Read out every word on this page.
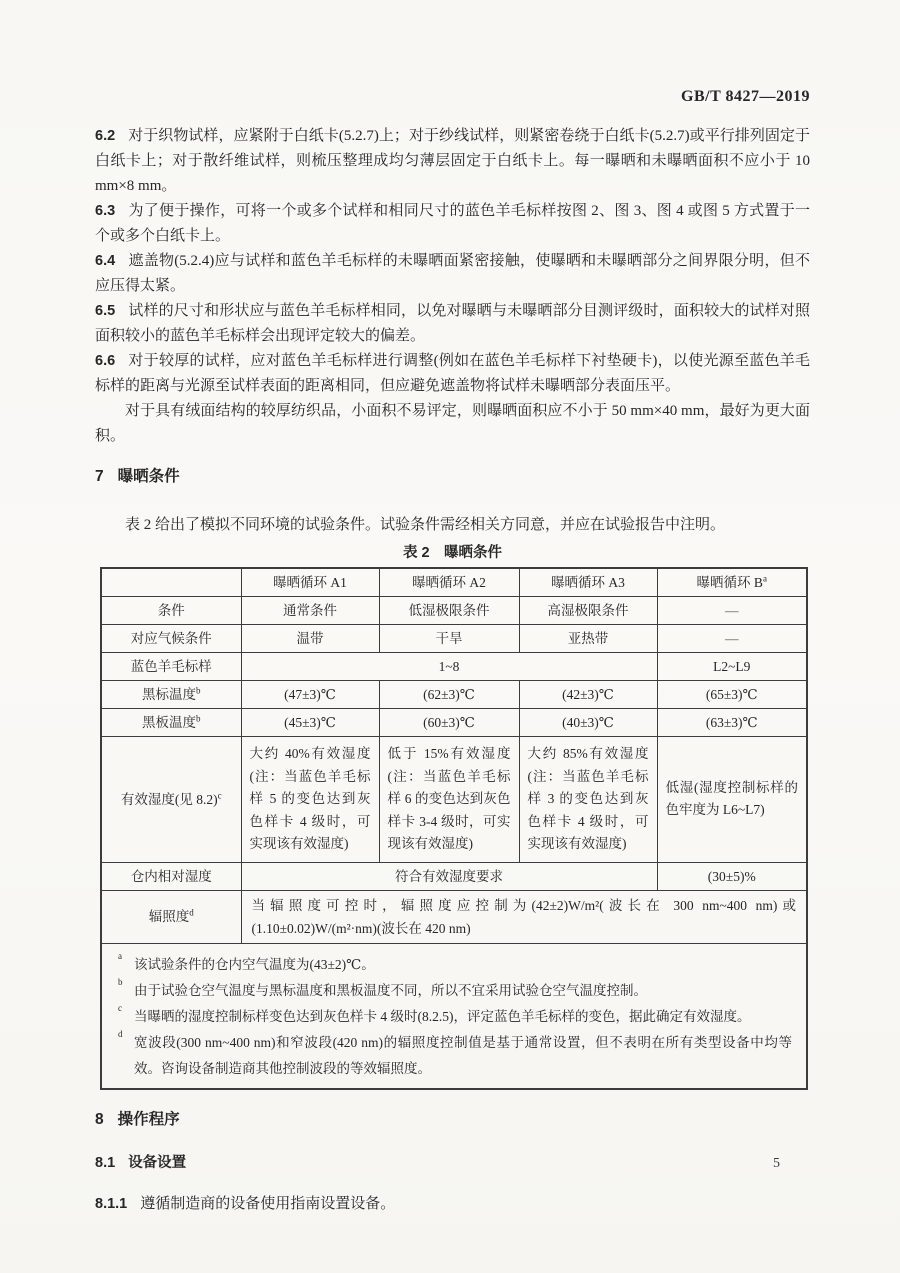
GB/T 8427—2019

6.2 对于织物试样，应紧附于白纸卡(5.2.7)上；对于纱线试样，则紧密卷绕于白纸卡(5.2.7)或平行排列固定于白纸卡上；对于散纤维试样，则梳压整理成均匀薄层固定于白纸卡上。每一曝晒和未曝晒面积不应小于 10 mm×8 mm。

6.3 为了便于操作，可将一个或多个试样和相同尺寸的蓝色羊毛标样按图 2、图 3、图 4 或图 5 方式置于一个或多个白纸卡上。

6.4 遮盖物(5.2.4)应与试样和蓝色羊毛标样的未曝晒面紧密接触，使曝晒和未曝晒部分之间界限分明，但不应压得太紧。

6.5 试样的尺寸和形状应与蓝色羊毛标样相同，以免对曝晒与未曝晒部分目测评级时，面积较大的试样对照面积较小的蓝色羊毛标样会出现评定较大的偏差。

6.6 对于较厚的试样，应对蓝色羊毛标样进行调整(例如在蓝色羊毛标样下衬垫硬卡)，以使光源至蓝色羊毛标样的距离与光源至试样表面的距离相同，但应避免遮盖物将试样未曝晒部分表面压平。

对于具有绒面结构的较厚纺织品，小面积不易评定，则曝晒面积应不小于 50 mm×40 mm，最好为更大面积。

7 曝晒条件

表 2 给出了模拟不同环境的试验条件。试验条件需经相关方同意，并应在试验报告中注明。

表 2　曝晒条件
	曝晒循环 A1	曝晒循环 A2	曝晒循环 A3	曝晒循环 $B^a$
条件	通常条件	低湿极限条件	高湿极限条件	—
对应气候条件	温带	干旱	亚热带	—
蓝色羊毛标样	1~8			L2~L9
黑标温度$^b$	(47±3)℃	(62±3)℃	(42±3)℃	(65±3)℃
黑板温度$^b$	(45±3)℃	(60±3)℃	(40±3)℃	(63±3)℃
有效湿度(见 8.2)$^c$	大约 40%有效湿度(注：当蓝色羊毛标样 5 的变色达到灰色样卡 4 级时，可实现该有效湿度)	低于 15%有效湿度(注：当蓝色羊毛标样 6 的变色达到灰色样卡 3-4 级时，可实现该有效湿度)	大约 85%有效湿度(注：当蓝色羊毛标样 3 的变色达到灰色样卡 4 级时，可实现该有效湿度)	低湿(湿度控制标样的色牢度为 L6~L7)
仓内相对湿度	符合有效湿度要求			(30±5)%
辐照度$^d$	当辐照度可控时，辐照度应控制为(42±2)W/m²(波长在 300 nm~400 nm)或(1.10±0.02)W/(m²·nm)(波长在 420 nm)			

a
该试验条件的仓内空气温度为(43±2)℃。
b
由于试验仓空气温度与黑标温度和黑板温度不同，所以不宜采用试验仓空气温度控制。
c
当曝晒的湿度控制标样变色达到灰色样卡 4 级时(8.2.5)，评定蓝色羊毛标样的变色，据此确定有效湿度。
d
宽波段(300 nm~400 nm)和窄波段(420 nm)的辐照度控制值是基于通常设置，但不表明在所有类型设备中均等效。咨询设备制造商其他控制波段的等效辐照度。
8 操作程序
8.1 设备设置

8.1.1 遵循制造商的设备使用指南设置设备。

5
